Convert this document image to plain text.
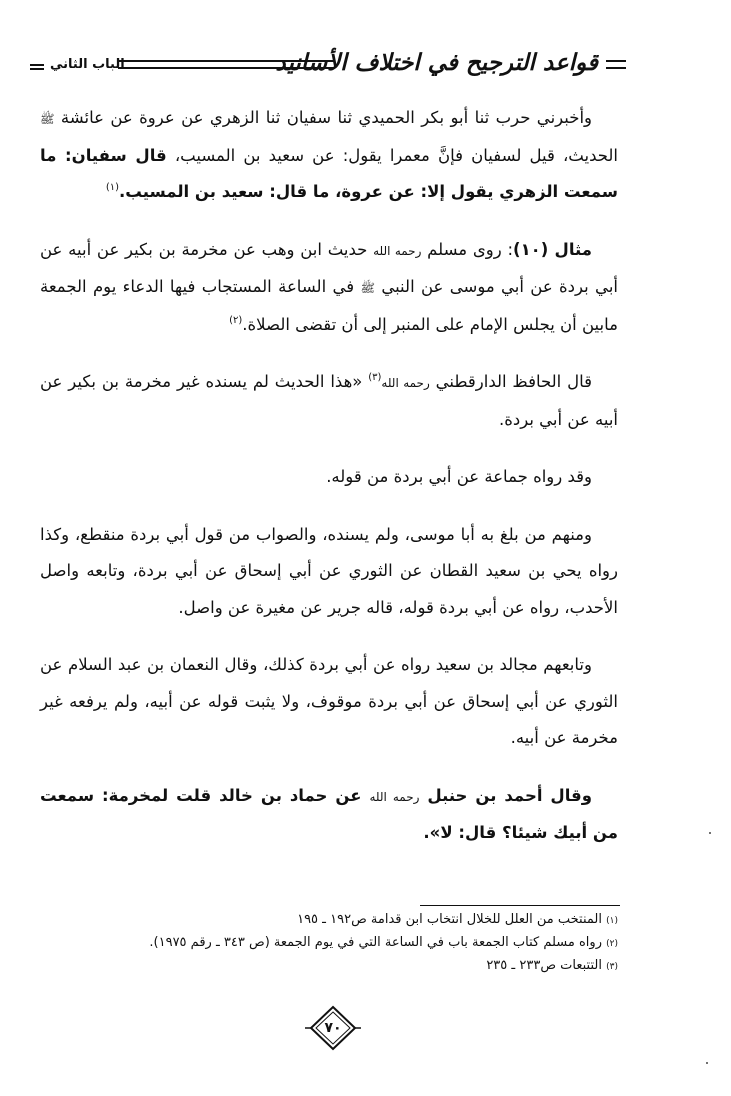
قواعد الترجيح في اختلاف الأسانيد
الباب الثاني

وأخبرني حرب ثنا أبو بكر الحميدي ثنا سفيان ثنا الزهري عن عروة عن عائشة ﷺ الحديث، قيل لسفيان فإنَّ معمرا يقول: عن سعيد بن المسيب، قال سفيان: ما سمعت الزهري يقول إلا: عن عروة، ما قال: سعيد بن المسيب.$^{(١)}$

مثال (١٠): روى مسلم رحمه الله حديث ابن وهب عن مخرمة بن بكير عن أبيه عن أبي بردة عن أبي موسى عن النبي ﷺ في الساعة المستجاب فيها الدعاء يوم الجمعة مابين أن يجلس الإمام على المنبر إلى أن تقضى الصلاة.$^{(٢)}$

قال الحافظ الدارقطني رحمه الله$^{(٣)}$ «هذا الحديث لم يسنده غير مخرمة بن بكير عن أبيه عن أبي بردة.

وقد رواه جماعة عن أبي بردة من قوله.

ومنهم من بلغ به أبا موسى، ولم يسنده، والصواب من قول أبي بردة منقطع، وكذا رواه يحي بن سعيد القطان عن الثوري عن أبي إسحاق عن أبي بردة، وتابعه واصل الأحدب، رواه عن أبي بردة قوله، قاله جرير عن مغيرة عن واصل.

وتابعهم مجالد بن سعيد رواه عن أبي بردة كذلك، وقال النعمان بن عبد السلام عن الثوري عن أبي إسحاق عن أبي بردة موقوف، ولا يثبت قوله عن أبيه، ولم يرفعه غير مخرمة عن أبيه.

وقال أحمد بن حنبل رحمه الله عن حماد بن خالد قلت لمخرمة: سمعت من أبيك شيئا؟ قال: لا».

(١) المنتخب من العلل للخلال انتخاب ابن قدامة ص١٩٢ ـ ١٩٥
(٢) رواه مسلم كتاب الجمعة باب في الساعة التي في يوم الجمعة (ص ٣٤٣ ـ رقم ١٩٧٥).
(٣) التتبعات ص٢٣٣ ـ ٢٣٥
٧٠
